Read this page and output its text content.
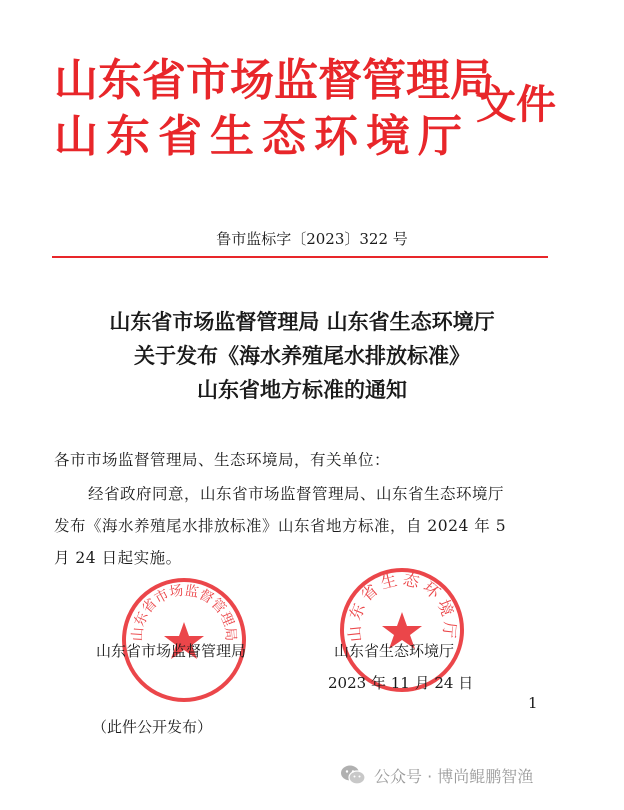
山东省市场监督管理局
山东省生态环境厅
文件
鲁市监标字〔2023〕322 号
山东省市场监督管理局 山东省生态环境厅
关于发布《海水养殖尾水排放标准》
山东省地方标准的通知
各市市场监督管理局、生态环境局，有关单位：
经省政府同意，山东省市场监督管理局、山东省生态环境厅
发布《海水养殖尾水排放标准》山东省地方标准，自 2024 年 5
月 24 日起实施。
山东省市场监督管理局	山东省生态环境厅
山东省市场监督管理局	山东省生态环境厅
2023 年 11 月 24 日
1
（此件公开发布）
公众号 · 博尚鲲鹏智渔
